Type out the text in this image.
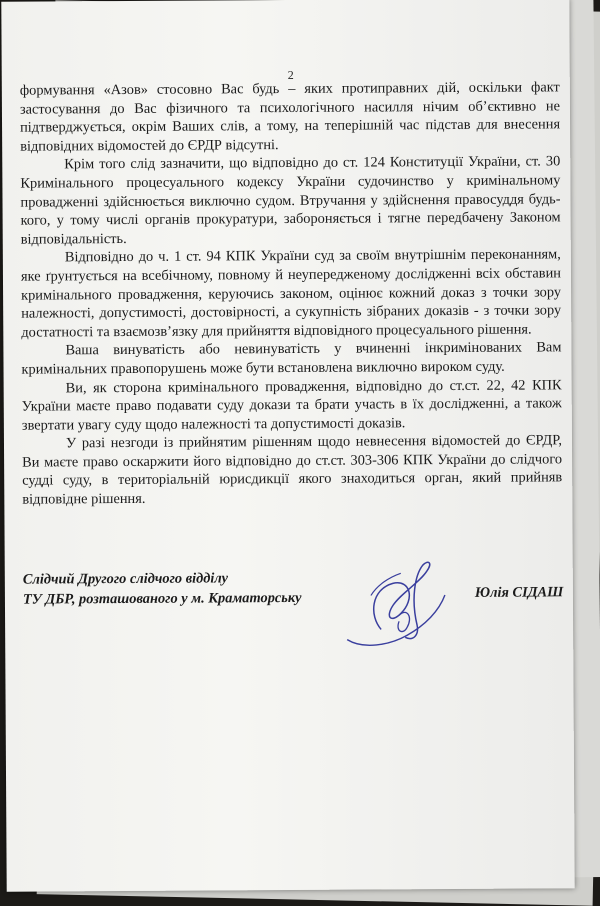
2

формування «Азов» стосовно Вас будь – яких протиправних дій, оскільки факт застосування до Вас фізичного та психологічного насилля нічим об’єктивно не підтверджується, окрім Ваших слів, а тому, на теперішній час підстав для внесення відповідних відомостей до ЄРДР відсутні.

Крім того слід зазначити, що відповідно до ст. 124 Конституції України, ст. 30 Кримінального процесуального кодексу України судочинство у кримінальному провадженні здійснюється виключно судом. Втручання у здійснення правосуддя будь-кого, у тому числі органів прокуратури, забороняється і тягне передбачену Законом відповідальність.

Відповідно до ч. 1 ст. 94 КПК України суд за своїм внутрішнім переконанням, яке ґрунтується на всебічному, повному й неупередженому дослідженні всіх обставин кримінального провадження, керуючись законом, оцінює кожний доказ з точки зору належності, допустимості, достовірності, а сукупність зібраних доказів - з точки зору достатності та взаємозв’язку для прийняття відповідного процесуального рішення.

Ваша винуватість або невинуватість у вчиненні інкримінованих Вам кримінальних правопорушень може бути встановлена виключно вироком суду.

Ви, як сторона кримінального провадження, відповідно до ст.ст. 22, 42 КПК України маєте право подавати суду докази та брати участь в їх дослідженні, а також звертати увагу суду щодо належності та допустимості доказів.

У разі незгоди із прийнятим рішенням щодо невнесення відомостей до ЄРДР, Ви маєте право оскаржити його відповідно до ст.ст. 303-306 КПК України до слідчого судді суду, в територіальній юрисдикції якого знаходиться орган, який прийняв відповідне рішення.

Слідчий Другого слідчого відділу
ТУ ДБР, розташованого у м. Краматорську	Юлія СІДАШ
